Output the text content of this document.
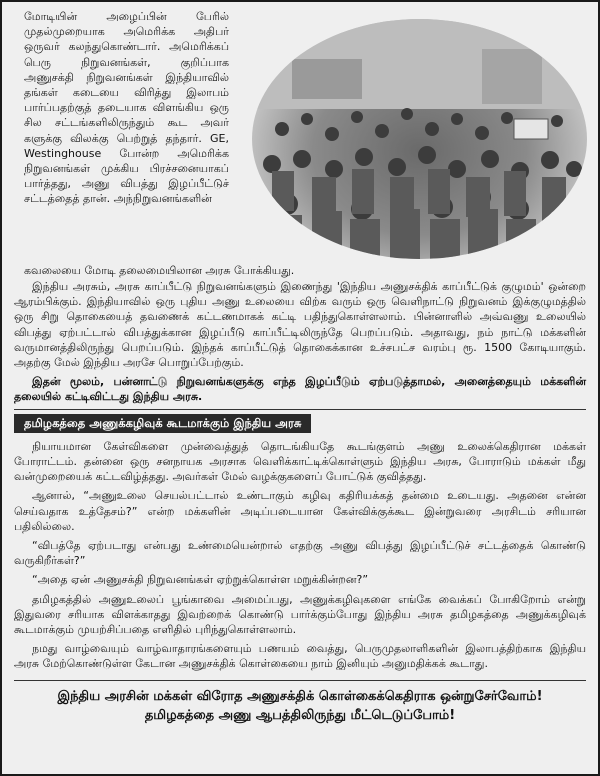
மோடியின் அழைப்பின் பேரில் முதல்முறையாக அமெரிக்க அதிபர் ஒருவர் கலந்துகொண்டார். அமெரிக்கப் பெரு நிறுவனங்கள், குறிப்பாக அணுசக்தி நிறுவனங்கள் இந்தியாவில் தங்கள் கடையை விரித்து இலாபம் பார்ப்பதற்குத் தடையாக விளங்கிய ஒரு சில சட்டங்களிலிருந்தும் கூட அவர் களுக்கு விலக்கு பெற்றுத் தந்தார். GE, Westinghouse போன்ற அமெரிக்க நிறுவனங்கள் முக்கிய பிரச்சனையாகப் பார்த்தது, அணு விபத்து இழப்பீட்டுச் சட்டத்தைத் தான். அந்நிறுவனங்களின்
கவலையை மோடி தலைமையிலான அரசு போக்கியது.

இந்திய அரசும், அரசு காப்பீட்டு நிறுவனங்களும் இணைந்து 'இந்திய அணுசக்திக் காப்பீட்டுக் குழுமம்' ஒன்றை ஆரம்பிக்கும். இந்தியாவில் ஒரு புதிய அணு உலையை விற்க வரும் ஒரு வெளிநாட்டு நிறுவனம் இக்குழுமத்தில் ஒரு சிறு தொகையைத் தவணைக் கட்டணமாகக் கட்டி பதிந்துகொள்ளலாம். பின்னாளில் அவ்வணு உலையில் விபத்து ஏற்பட்டால் விபத்துக்கான இழப்பீடு காப்பீட்டிலிருந்தே பெறப்படும். அதாவது, நம் நாட்டு மக்களின் வருமானத்திலிருந்து பெறப்படும். இந்தக் காப்பீட்டுத் தொகைக்கான உச்சபட்ச வரம்பு ரூ. 1500 கோடியாகும். அதற்கு மேல் இந்திய அரசே பொறுப்பேற்கும்.

இதன் மூலம், பன்னாட்டு நிறுவனங்களுக்கு எந்த இழப்பீடும் ஏற்படுத்தாமல், அனைத்தையும் மக்களின் தலையில் கட்டிவிட்டது இந்திய அரசு.

தமிழகத்தை அணுக்கழிவுக் கூடமாக்கும் இந்திய அரசு

நியாயமான கேள்விகளை முன்வைத்துத் தொடங்கியதே கூடங்குளம் அணு உலைக்கெதிரான மக்கள் போராட்டம். தன்னை ஒரு சனநாயக அரசாக வெளிக்காட்டிக்கொள்ளும் இந்திய அரசு, போராடும் மக்கள் மீது வன்முறையைக் கட்டவிழ்த்தது. அவர்கள் மேல் வழக்குகளைப் போட்டுக் குவித்தது.

ஆனால், “அணுஉலை செயல்பட்டால் உண்டாகும் கழிவு கதிரியக்கத் தன்மை உடையது. அதனை என்ன செய்வதாக உத்தேசம்?” என்ற மக்களின் அடிப்படையான கேள்விக்குக்கூட இன்றுவரை அரசிடம் சரியான பதிலில்லை.

“விபத்தே ஏற்படாது என்பது உண்மையென்றால் எதற்கு அணு விபத்து இழப்பீட்டுச் சட்டத்தைக் கொண்டு வருகிறீர்கள்?”

“அதை ஏன் அணுசக்தி நிறுவனங்கள் ஏற்றுக்கொள்ள மறுக்கின்றன?”

தமிழகத்தில் அணுஉலைப் பூங்காவை அமைப்பது, அணுக்கழிவுகளை எங்கே வைக்கப் போகிறோம் என்று இதுவரை சரியாக விளக்காதது இவற்றைக் கொண்டு பார்க்கும்போது இந்திய அரசு தமிழகத்தை அணுக்கழிவுக் கூடமாக்கும் முயற்சிப்பதை எளிதில் புரிந்துகொள்ளலாம்.

நமது வாழ்வையும் வாழ்வாதாரங்களையும் பணயம் வைத்து, பெருமுதலாளிகளின் இலாபத்திற்காக இந்திய அரசு மேற்கொண்டுள்ள கேடான அணுசக்திக் கொள்கையை நாம் இனியும் அனுமதிக்கக் கூடாது.

இந்திய அரசின் மக்கள் விரோத அணுசக்திக் கொள்கைக்கெதிராக ஒன்றுசேர்வோம்!
தமிழகத்தை அணு ஆபத்திலிருந்து மீட்டெடுப்போம்!
